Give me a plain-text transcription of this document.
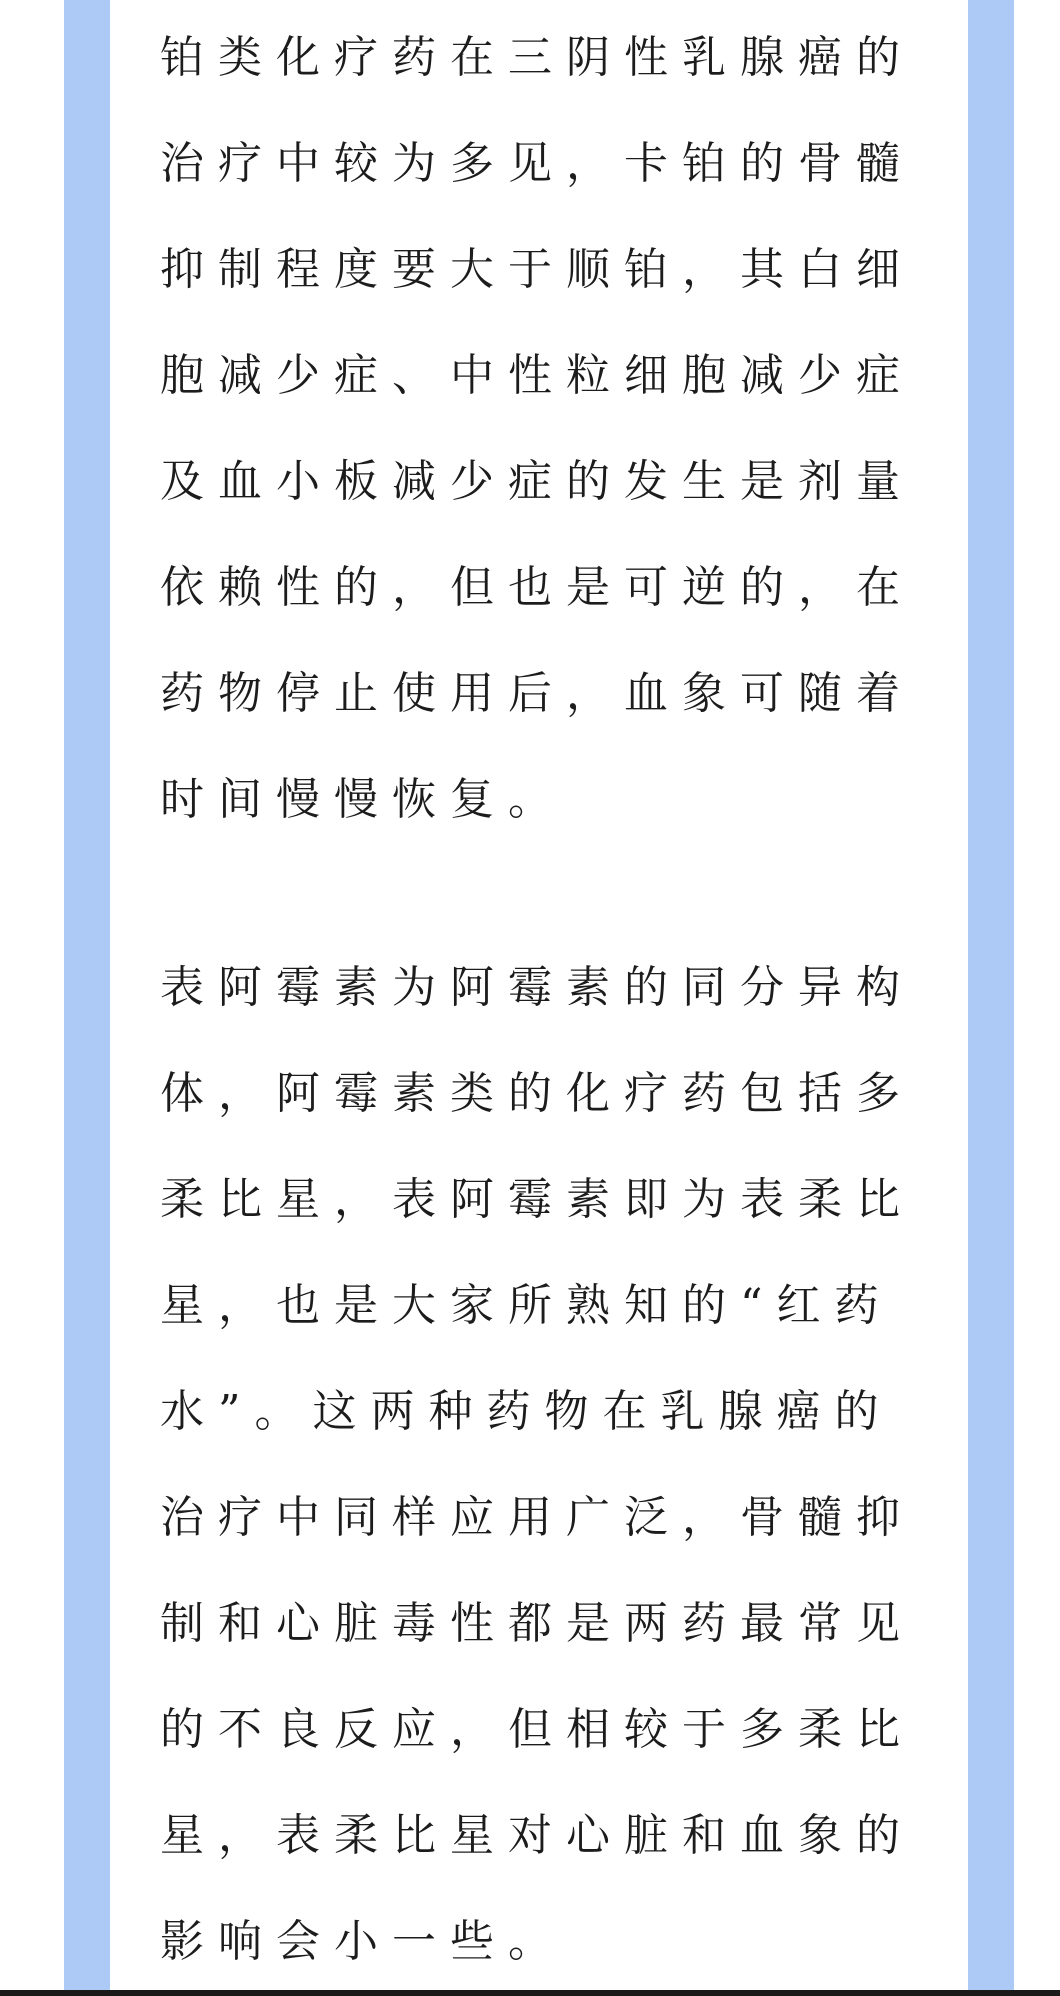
铂类化疗药在三阴性乳腺癌的
治疗中较为多见，卡铂的骨髓
抑制程度要大于顺铂，其白细
胞减少症、中性粒细胞减少症
及血小板减少症的发生是剂量
依赖性的，但也是可逆的，在
药物停止使用后，血象可随着
时间慢慢恢复。

表阿霉素为阿霉素的同分异构
体，阿霉素类的化疗药包括多
柔比星，表阿霉素即为表柔比
星，也是大家所熟知的“红药
水”。这两种药物在乳腺癌的
治疗中同样应用广泛，骨髓抑
制和心脏毒性都是两药最常见
的不良反应，但相较于多柔比
星，表柔比星对心脏和血象的
影响会小一些。
